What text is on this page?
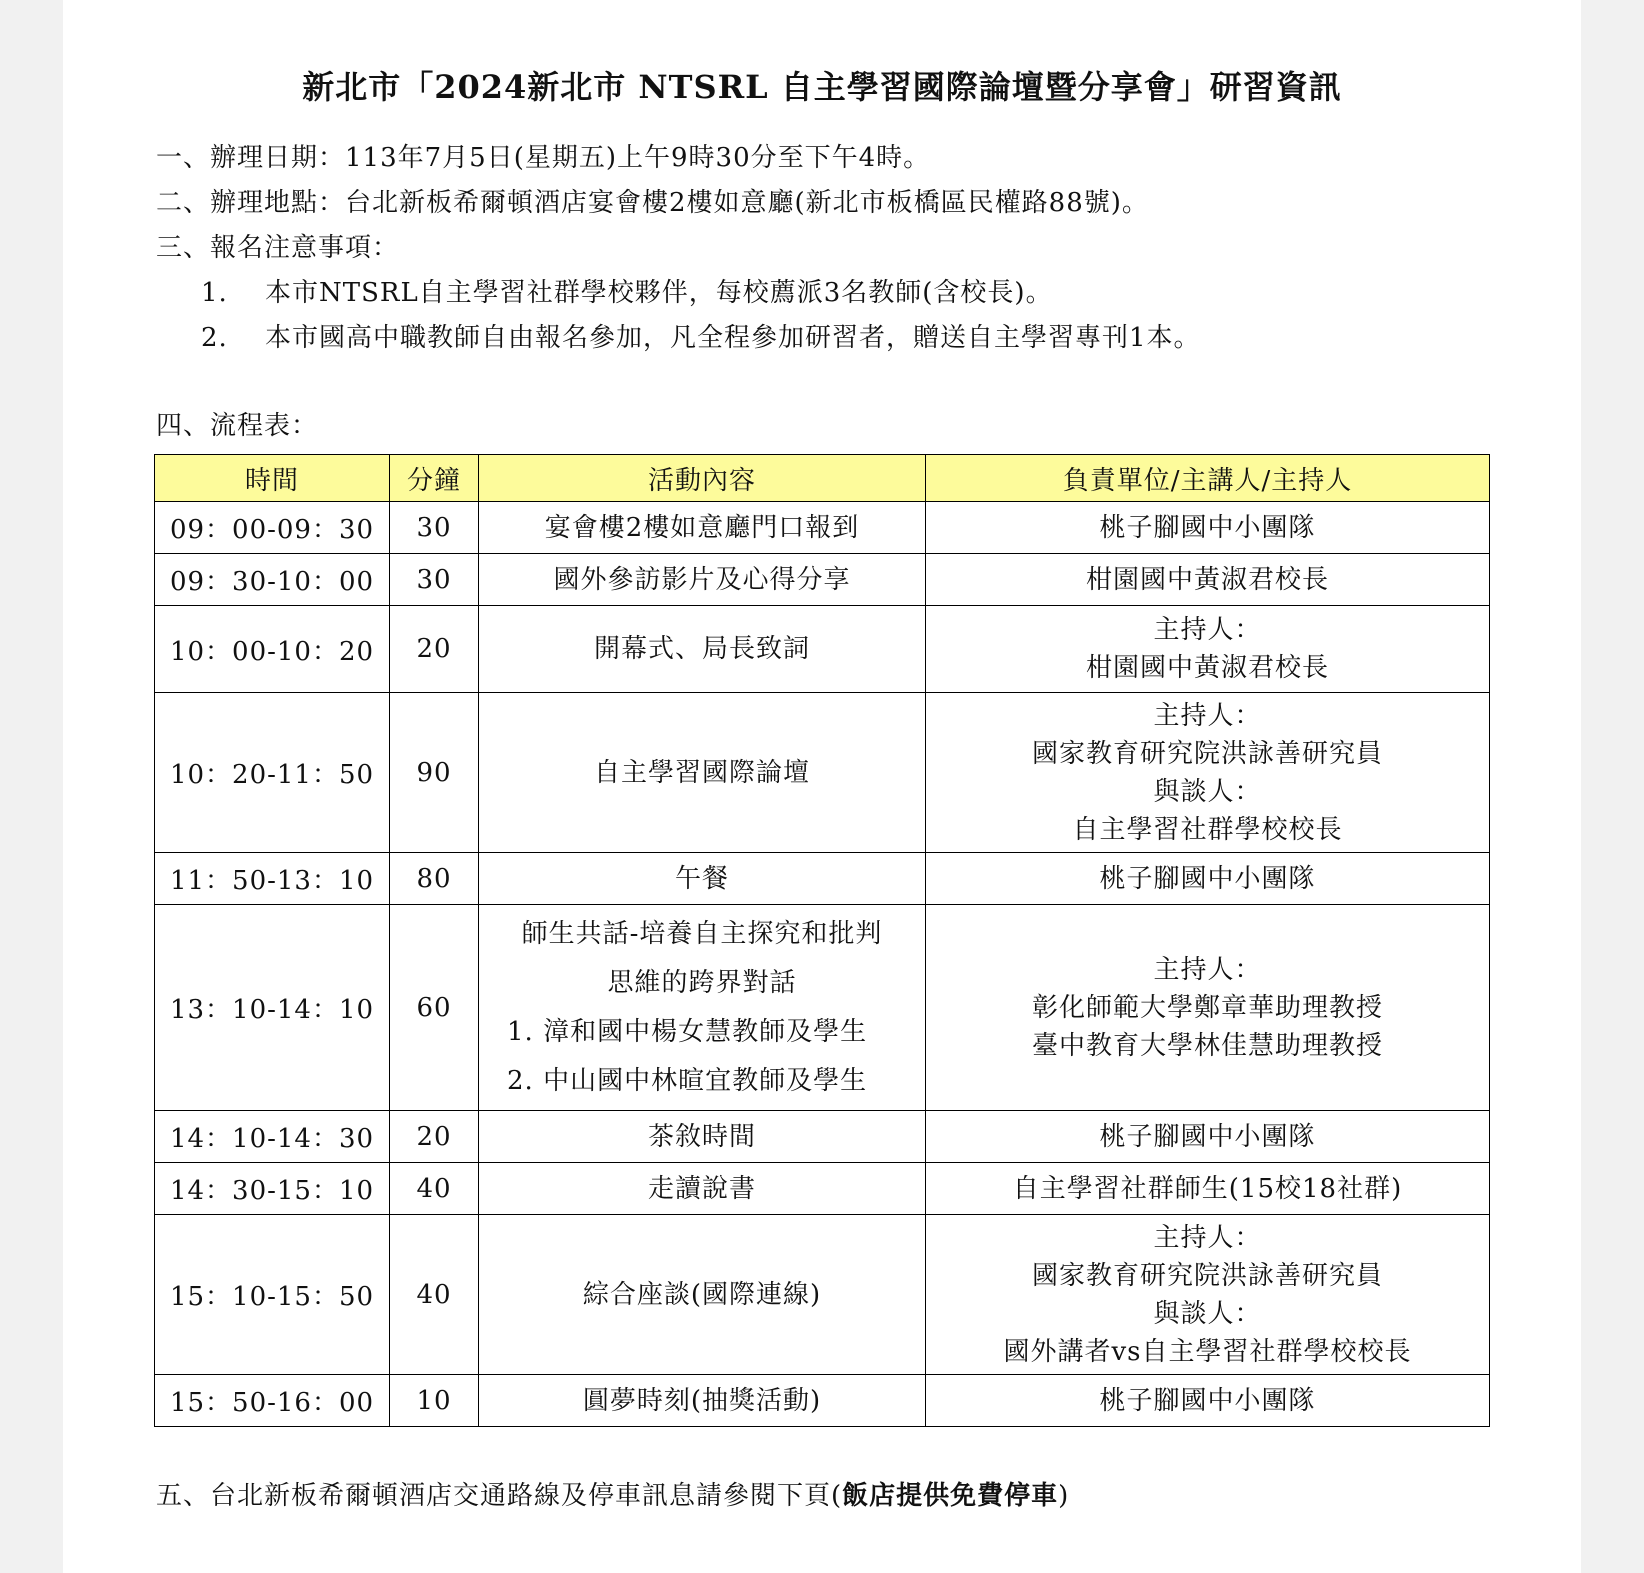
新北市「2024新北市 NTSRL 自主學習國際論壇暨分享會」研習資訊
一、辦理日期：113年7月5日(星期五)上午9時30分至下午4時。
二、辦理地點：台北新板希爾頓酒店宴會樓2樓如意廳(新北市板橋區民權路88號)。
三、報名注意事項：
1. 本市NTSRL自主學習社群學校夥伴，每校薦派3名教師(含校長)。
2. 本市國高中職教師自由報名參加，凡全程參加研習者，贈送自主學習專刊1本。
四、流程表：
時間	分鐘	活動內容	負責單位/主講人/主持人
09：00-09：30	30	宴會樓2樓如意廳門口報到	桃子腳國中小團隊

09：30-10：00	30	國外參訪影片及心得分享	柑園國中黃淑君校長

10：00-10：20	20	開幕式、局長致詞	主持人：
柑園國中黃淑君校長

10：20-11：50	90	自主學習國際論壇	主持人：
國家教育研究院洪詠善研究員
與談人：
自主學習社群學校校長

11：50-13：10	80	午餐	桃子腳國中小團隊

13：10-14：10	60	師生共話-培養自主探究和批判
思維的跨界對話
1. 漳和國中楊女慧教師及學生
2. 中山國中林暄宜教師及學生	主持人：
彰化師範大學鄭章華助理教授
臺中教育大學林佳慧助理教授

14：10-14：30	20	茶敘時間	桃子腳國中小團隊

14：30-15：10	40	走讀說書	自主學習社群師生(15校18社群)

15：10-15：50	40	綜合座談(國際連線)	主持人：
國家教育研究院洪詠善研究員
與談人：
國外講者vs自主學習社群學校校長

15：50-16：00	10	圓夢時刻(抽獎活動)	桃子腳國中小團隊
五、台北新板希爾頓酒店交通路線及停車訊息請參閱下頁(飯店提供免費停車)
